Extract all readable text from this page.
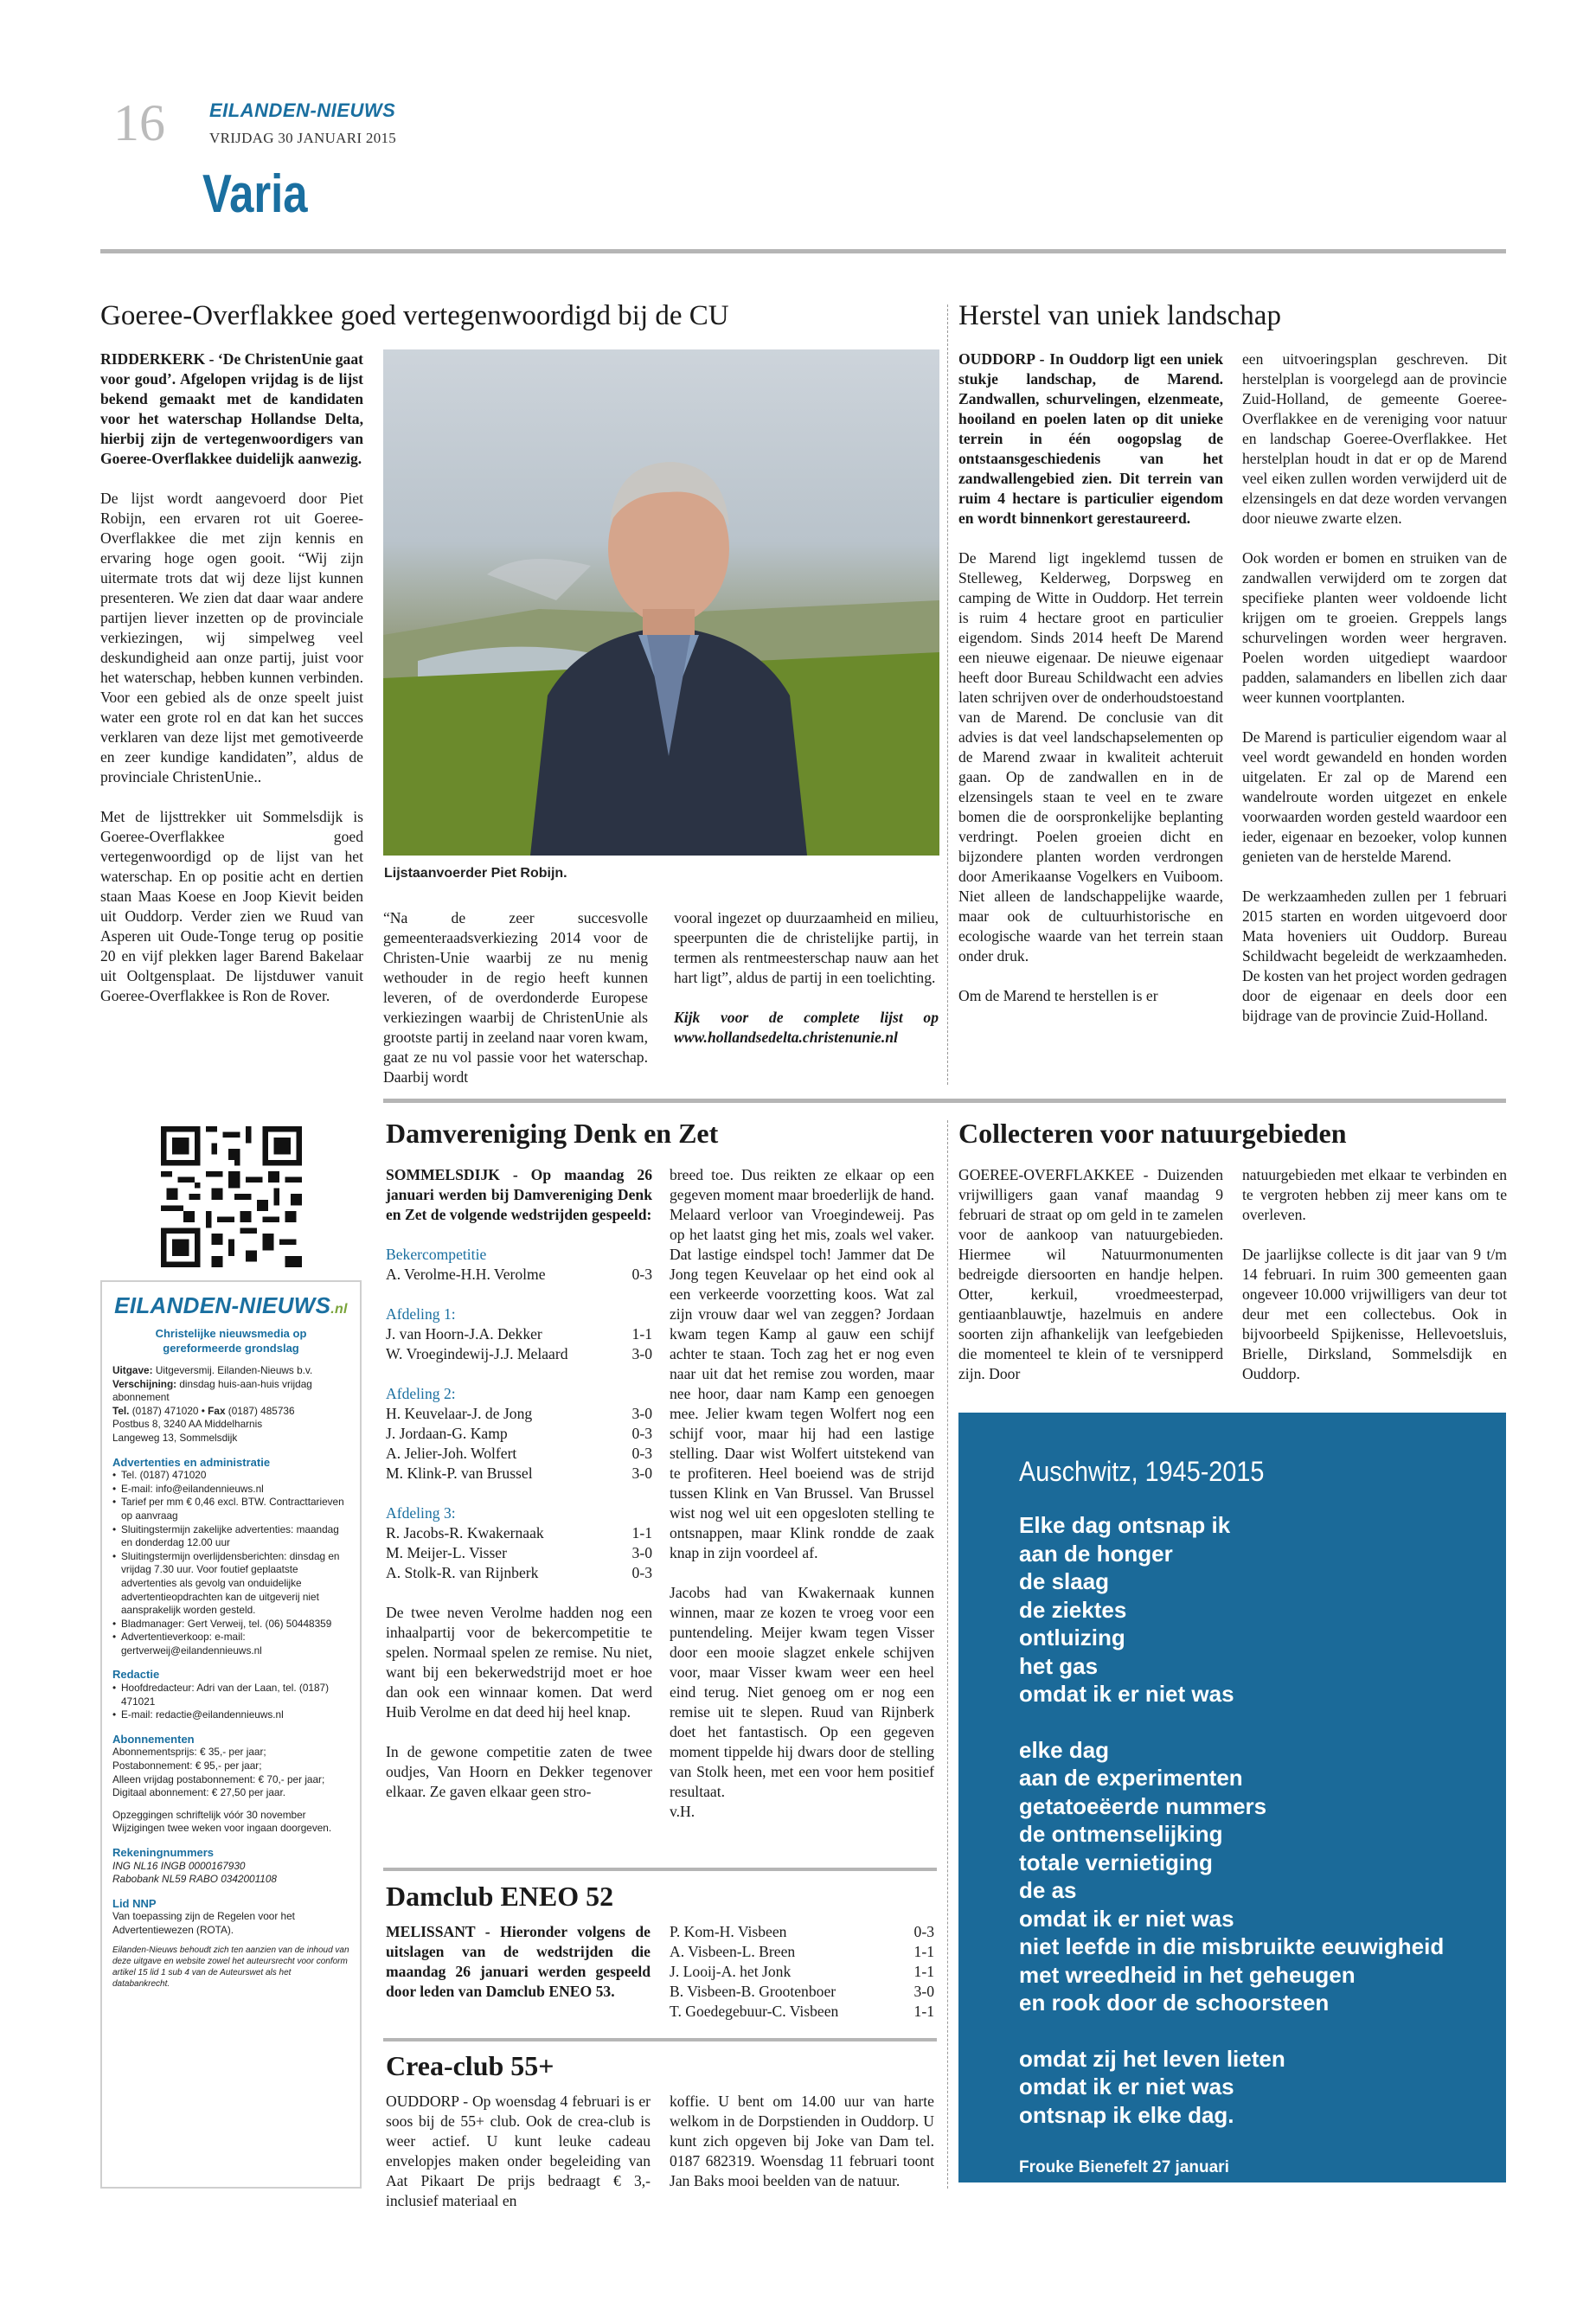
16 EILANDEN-NIEUWS
VRIJDAG 30 JANUARI 2015
Varia
Goeree-Overflakkee goed vertegenwoordigd bij de CU

RIDDERKERK - ‘De ChristenUnie gaat voor goud’. Afgelopen vrijdag is de lijst bekend gemaakt met de kandidaten voor het waterschap Hollandse Delta, hierbij zijn de vertegenwoordigers van Goeree-Overflakkee duidelijk aanwezig.

De lijst wordt aangevoerd door Piet Robijn, een ervaren rot uit Goeree-Overflakkee die met zijn kennis en ervaring hoge ogen gooit. “Wij zijn uitermate trots dat wij deze lijst kunnen presenteren. We zien dat daar waar andere partijen liever inzetten op de provinciale verkiezingen, wij simpelweg veel deskundigheid aan onze partij, juist voor het waterschap, hebben kunnen verbinden. Voor een gebied als de onze speelt juist water een grote rol en dat kan het succes verklaren van deze lijst met gemotiveerde en zeer kundige kandidaten”, aldus de provinciale ChristenUnie..

Met de lijsttrekker uit Sommelsdijk is Goeree-Overflakkee goed vertegenwoordigd op de lijst van het waterschap. En op positie acht en dertien staan Maas Koese en Joop Kievit beiden uit Ouddorp. Verder zien we Ruud van Asperen uit Oude-Tonge terug op positie 20 en vijf plekken lager Barend Bakelaar uit Ooltgensplaat. De lijstduwer vanuit Goeree-Overflakkee is Ron de Rover.

Lijstaanvoerder Piet Robijn.

“Na de zeer succesvolle gemeenteraadsverkiezing 2014 voor de Christen-Unie waarbij ze nu menig wethouder in de regio heeft kunnen leveren, of de overdonderde Europese verkiezingen waarbij de ChristenUnie als grootste partij in zeeland naar voren kwam, gaat ze nu vol passie voor het waterschap. Daarbij wordt

vooral ingezet op duurzaamheid en milieu, speerpunten die de christelijke partij, in termen als rentmeesterschap nauw aan het hart ligt”, aldus de partij in een toelichting.

Kijk voor de complete lijst op www.hollandsedelta.christenunie.nl

Herstel van uniek landschap

OUDDORP - In Ouddorp ligt een uniek stukje landschap, de Marend. Zandwallen, schurvelingen, elzenmeate, hooiland en poelen laten op dit unieke terrein in één oogopslag de ontstaansgeschiedenis van het zandwallengebied zien. Dit terrein van ruim 4 hectare is particulier eigendom en wordt binnenkort gerestaureerd.

De Marend ligt ingeklemd tussen de Stelleweg, Kelderweg, Dorpsweg en camping de Witte in Ouddorp. Het terrein is ruim 4 hectare groot en particulier eigendom. Sinds 2014 heeft De Marend een nieuwe eigenaar. De nieuwe eigenaar heeft door Bureau Schildwacht een advies laten schrijven over de onderhoudstoestand van de Marend. De conclusie van dit advies is dat veel landschapselementen op de Marend zwaar in kwaliteit achteruit gaan. Op de zandwallen en in de elzensingels staan te veel en te zware bomen die de oorspronkelijke beplanting verdringt. Poelen groeien dicht en bijzondere planten worden verdrongen door Amerikaanse Vogelkers en Vuiboom. Niet alleen de landschappelijke waarde, maar ook de cultuurhistorische en ecologische waarde van het terrein staan onder druk.

Om de Marend te herstellen is er

een uitvoeringsplan geschreven. Dit herstelplan is voorgelegd aan de provincie Zuid-Holland, de gemeente Goeree-Overflakkee en de vereniging voor natuur en landschap Goeree-Overflakkee. Het herstelplan houdt in dat er op de Marend veel eiken zullen worden verwijderd uit de elzensingels en dat deze worden vervangen door nieuwe zwarte elzen.

Ook worden er bomen en struiken van de zandwallen verwijderd om te zorgen dat specifieke planten weer voldoende licht krijgen om te groeien. Greppels langs schurvelingen worden weer hergraven. Poelen worden uitgediept waardoor padden, salamanders en libellen zich daar weer kunnen voortplanten.

De Marend is particulier eigendom waar al veel wordt gewandeld en honden worden uitgelaten. Er zal op de Marend een wandelroute worden uitgezet en enkele voorwaarden worden gesteld waardoor een ieder, eigenaar en bezoeker, volop kunnen genieten van de herstelde Marend.

De werkzaamheden zullen per 1 februari 2015 starten en worden uitgevoerd door Mata hoveniers uit Ouddorp. Bureau Schildwacht begeleidt de werkzaamheden. De kosten van het project worden gedragen door de eigenaar en deels door een bijdrage van de provincie Zuid-Holland.

EILANDEN-NIEUWS.nl
Christelijke nieuwsmedia op gereformeerde grondslag
Uitgave: Uitgeversmij. Eilanden-Nieuws b.v.
Verschijning: dinsdag huis-aan-huis vrijdag abonnement
Tel. (0187) 471020 • Fax (0187) 485736
Postbus 8, 3240 AA Middelharnis
Langeweg 13, Sommelsdijk
Advertenties en administratie
• Tel. (0187) 471020
• E-mail: info@eilandennieuws.nl
• Tarief per mm € 0,46 excl. BTW. Contracttarieven op aanvraag
• Sluitingstermijn zakelijke advertenties: maandag en donderdag 12.00 uur
• Sluitingstermijn overlijdensberichten: dinsdag en vrijdag 7.30 uur. Voor foutief geplaatste advertenties als gevolg van onduidelijke advertentieopdrachten kan de uitgeverij niet aansprakelijk worden gesteld.
• Bladmanager: Gert Verweij, tel. (06) 50448359
• Advertentieverkoop: e-mail: gertverweij@eilandennieuws.nl
Redactie
• Hoofdredacteur: Adri van der Laan, tel. (0187) 471021
• E-mail: redactie@eilandennieuws.nl
Abonnementen
Abonnementsprijs: € 35,- per jaar;
Postabonnement: € 95,- per jaar;
Alleen vrijdag postabonnement: € 70,- per jaar;
Digitaal abonnement: € 27,50 per jaar.
Opzeggingen schriftelijk vóór 30 november Wijzigingen twee weken voor ingaan doorgeven.
Rekeningnummers
ING NL16 INGB 0000167930
Rabobank NL59 RABO 0342001108
Lid NNP
Van toepassing zijn de Regelen voor het Advertentiewezen (ROTA).
Eilanden-Nieuws behoudt zich ten aanzien van de inhoud van deze uitgave en website zowel het auteursrecht voor conform artikel 15 lid 1 sub 4 van de Auteurswet als het databankrecht.
Damvereniging Denk en Zet

SOMMELSDIJK - Op maandag 26 januari werden bij Damvereniging Denk en Zet de volgende wedstrijden gespeeld:

Bekercompetitie
A. Verolme-H.H. Verolme	0-3
Afdeling 1:
J. van Hoorn-J.A. Dekker	1-1
W. Vroegindewij-J.J. Melaard	3-0
Afdeling 2:
H. Keuvelaar-J. de Jong	3-0
J. Jordaan-G. Kamp	0-3
A. Jelier-Joh. Wolfert	0-3
M. Klink-P. van Brussel	3-0
Afdeling 3:
R. Jacobs-R. Kwakernaak	1-1
M. Meijer-L. Visser	3-0
A. Stolk-R. van Rijnberk	0-3

De twee neven Verolme hadden nog een inhaalpartij voor de bekercompetitie te spelen. Normaal spelen ze remise. Nu niet, want bij een bekerwedstrijd moet er hoe dan ook een winnaar komen. Dat werd Huib Verolme en dat deed hij heel knap.

In de gewone competitie zaten de twee oudjes, Van Hoorn en Dekker tegenover elkaar. Ze gaven elkaar geen stro-

breed toe. Dus reikten ze elkaar op een gegeven moment maar broederlijk de hand. Melaard verloor van Vroegindeweij. Pas op het laatst ging het mis, zoals wel vaker. Dat lastige eindspel toch! Jammer dat De Jong tegen Keuvelaar op het eind ook al een verkeerde voorzetting koos. Wat zal zijn vrouw daar wel van zeggen? Jordaan kwam tegen Kamp al gauw een schijf achter te staan. Toch zag het er nog even naar uit dat het remise zou worden, maar nee hoor, daar nam Kamp een genoegen mee. Jelier kwam tegen Wolfert nog een schijf voor, maar hij had een lastige stelling. Daar wist Wolfert uitstekend van te profiteren. Heel boeiend was de strijd tussen Klink en Van Brussel. Van Brussel wist nog wel uit een opgesloten stelling te ontsnappen, maar Klink rondde de zaak knap in zijn voordeel af.

Jacobs had van Kwakernaak kunnen winnen, maar ze kozen te vroeg voor een puntendeling. Meijer kwam tegen Visser door een mooie slagzet enkele schijven voor, maar Visser kwam weer een heel eind terug. Niet genoeg om er nog een remise uit te slepen. Ruud van Rijnberk doet het fantastisch. Op een gegeven moment tippelde hij dwars door de stelling van Stolk heen, met een voor hem positief resultaat.

v.H.

Damclub ENEO 52

MELISSANT - Hieronder volgens de uitslagen van de wedstrijden die maandag 26 januari werden gespeeld door leden van Damclub ENEO 53.

P. Kom-H. Visbeen	0-3
A. Visbeen-L. Breen	1-1
J. Looij-A. het Jonk	1-1
B. Visbeen-B. Grootenboer	3-0
T. Goedegebuur-C. Visbeen	1-1
Crea-club 55+

OUDDORP - Op woensdag 4 februari is er soos bij de 55+ club. Ook de crea-club is weer actief. U kunt leuke cadeau envelopjes maken onder begeleiding van Aat Pikaart De prijs bedraagt € 3,- inclusief materiaal en

koffie. U bent om 14.00 uur van harte welkom in de Dorpstienden in Ouddorp. U kunt zich opgeven bij Joke van Dam tel. 0187 682319. Woensdag 11 februari toont Jan Baks mooi beelden van de natuur.

Collecteren voor natuurgebieden

GOEREE-OVERFLAKKEE - Duizenden vrijwilligers gaan vanaf maandag 9 februari de straat op om geld in te zamelen voor de aankoop van natuurgebieden. Hiermee wil Natuurmonumenten bedreigde diersoorten en handje helpen. Otter, kerkuil, vroedmeesterpad, gentiaanblauwtje, hazelmuis en andere soorten zijn afhankelijk van leefgebieden die momenteel te klein of te versnipperd zijn. Door

natuurgebieden met elkaar te verbinden en te vergroten hebben zij meer kans om te overleven.

De jaarlijkse collecte is dit jaar van 9 t/m 14 februari. In ruim 300 gemeenten gaan ongeveer 10.000 vrijwilligers van deur tot deur met een collectebus. Ook in bijvoorbeeld Spijkenisse, Hellevoetsluis, Brielle, Dirksland, Sommelsdijk en Ouddorp.

Auschwitz, 1945-2015
Elke dag ontsnap ik
aan de honger
de slaag
de ziektes
ontluizing
het gas
omdat ik er niet was
elke dag
aan de experimenten
getatoeëerde nummers
de ontmenselijking
totale vernietiging
de as
omdat ik er niet was
niet leefde in die misbruikte eeuwigheid
met wreedheid in het geheugen
en rook door de schoorsteen
omdat zij het leven lieten
omdat ik er niet was
ontsnap ik elke dag.
Frouke Bienefelt 27 januari
